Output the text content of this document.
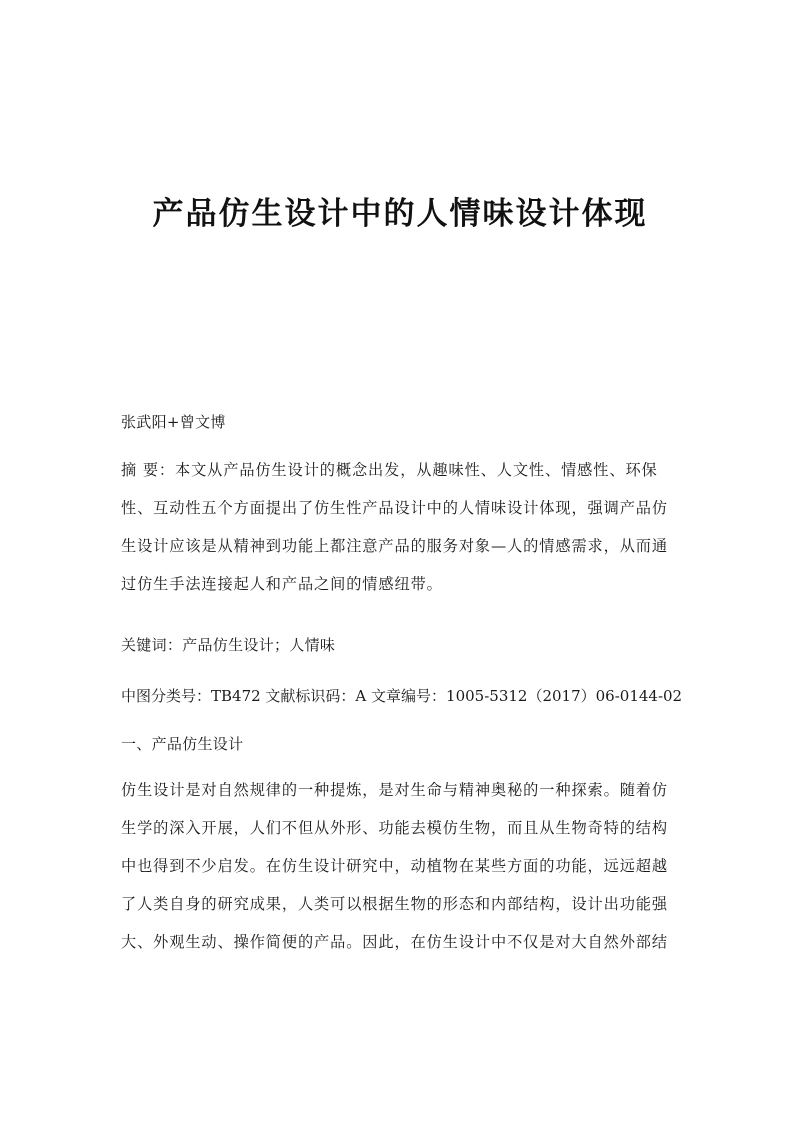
产品仿生设计中的人情味设计体现
张武阳+曾文博
摘 要：本文从产品仿生设计的概念出发，从趣味性、人文性、情感性、环保
性、互动性五个方面提出了仿生性产品设计中的人情味设计体现，强调产品仿
生设计应该是从精神到功能上都注意产品的服务对象—人的情感需求，从而通
过仿生手法连接起人和产品之间的情感纽带。
关键词：产品仿生设计；人情味
中图分类号：TB472 文献标识码：A 文章编号：1005-5312（2017）06-0144-02
一、产品仿生设计
仿生设计是对自然规律的一种提炼，是对生命与精神奥秘的一种探索。随着仿
生学的深入开展，人们不但从外形、功能去模仿生物，而且从生物奇特的结构
中也得到不少启发。在仿生设计研究中，动植物在某些方面的功能，远远超越
了人类自身的研究成果，人类可以根据生物的形态和内部结构，设计出功能强
大、外观生动、操作简便的产品。因此，在仿生设计中不仅是对大自然外部结
